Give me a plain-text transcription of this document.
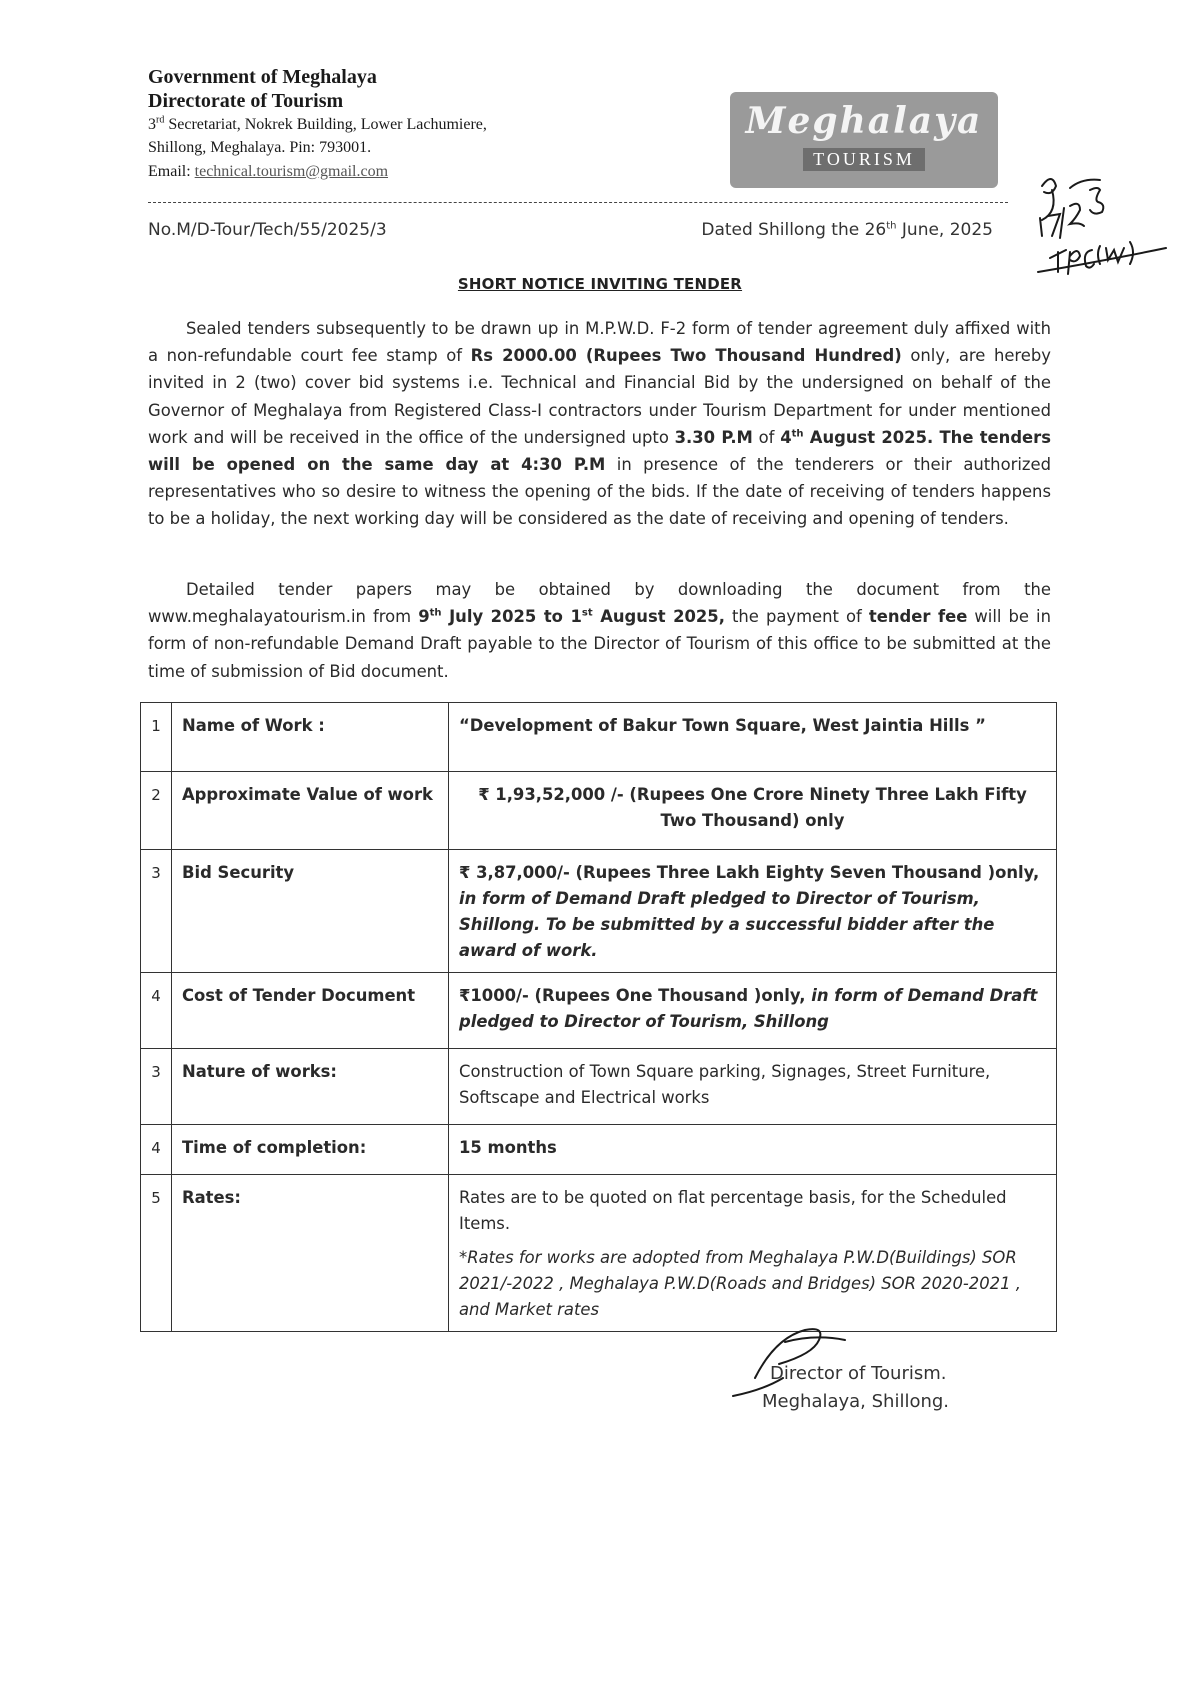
Government of Meghalaya
Directorate of Tourism
3rd Secretariat, Nokrek Building, Lower Lachumiere,
Shillong, Meghalaya. Pin: 793001.
Email: technical.tourism@gmail.com
Meghalaya
TOURISM
No.M/D-Tour/Tech/55/2025/3	Dated Shillong the 26th June, 2025
SHORT NOTICE INVITING TENDER
Sealed tenders subsequently to be drawn up in M.P.W.D. F-2 form of tender agreement duly affixed with a non-refundable court fee stamp of Rs 2000.00 (Rupees Two Thousand Hundred) only, are hereby invited in 2 (two) cover bid systems i.e. Technical and Financial Bid by the undersigned on behalf of the Governor of Meghalaya from Registered Class-I contractors under Tourism Department for under mentioned work and will be received in the office of the undersigned upto 3.30 P.M of 4th August 2025. The tenders will be opened on the same day at 4:30 P.M in presence of the tenderers or their authorized representatives who so desire to witness the opening of the bids. If the date of receiving of tenders happens to be a holiday, the next working day will be considered as the date of receiving and opening of tenders.
Detailed tender papers may be obtained by downloading the document from the www.meghalayatourism.in from 9th July 2025 to 1st August 2025, the payment of tender fee will be in form of non-refundable Demand Draft payable to the Director of Tourism of this office to be submitted at the time of submission of Bid document.
1	Name of Work :	“Development of Bakur Town Square, West Jaintia Hills ”
2	Approximate Value of work	₹ 1,93,52,000 /- (Rupees One Crore Ninety Three Lakh Fifty Two Thousand) only
3	Bid Security	₹ 3,87,000/- (Rupees Three Lakh Eighty Seven Thousand )only, in form of Demand Draft pledged to Director of Tourism, Shillong. To be submitted by a successful bidder after the award of work.
4	Cost of Tender Document	₹1000/- (Rupees One Thousand )only, in form of Demand Draft pledged to Director of Tourism, Shillong
3	Nature of works:	Construction of Town Square parking, Signages, Street Furniture, Softscape and Electrical works
4	Time of completion:	15 months
5	Rates:	Rates are to be quoted on flat percentage basis, for the Scheduled Items.
*Rates for works are adopted from Meghalaya P.W.D(Buildings) SOR 2021/-2022 , Meghalaya P.W.D(Roads and Bridges) SOR 2020-2021 , and Market rates
Director of Tourism.
Meghalaya, Shillong.
